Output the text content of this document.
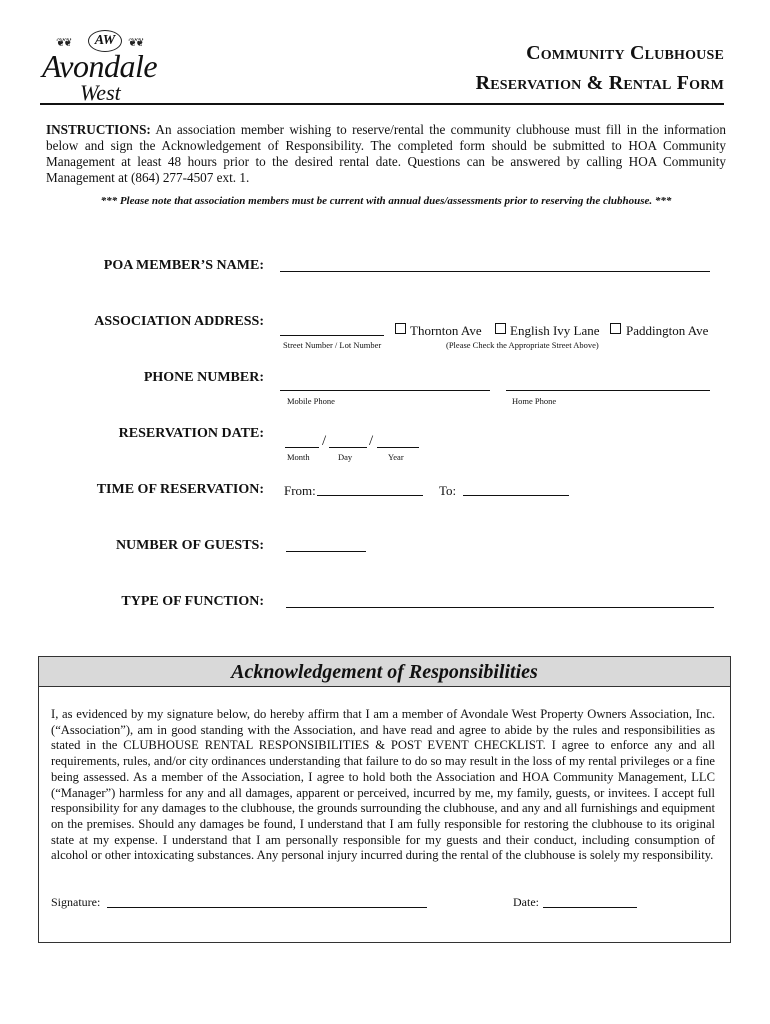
❦❦	AW	❦❦
Avondale
West
Community Clubhouse
Reservation & Rental Form

INSTRUCTIONS: An association member wishing to reserve/rental the community clubhouse must fill in the information below and sign the Acknowledgement of Responsibility. The completed form should be submitted to HOA Community Management at least 48 hours prior to the desired rental date. Questions can be answered by calling HOA Community Management at (864) 277-4507 ext. 1.

*** Please note that association members must be current with annual dues/assessments prior to reserving the clubhouse. ***

POA MEMBER’S NAME:
ASSOCIATION ADDRESS:
Street Number / Lot Number
Thornton Ave English Ivy Lane Paddington Ave
(Please Check the Appropriate Street Above)
PHONE NUMBER:
Mobile Phone	Home Phone
RESERVATION DATE:	/	/
Month	Day	Year
TIME OF RESERVATION: From:	To:
NUMBER OF GUESTS:
TYPE OF FUNCTION:
Acknowledgement of Responsibilities

I, as evidenced by my signature below, do hereby affirm that I am a member of Avondale West Property Owners Association, Inc. (“Association”), am in good standing with the Association, and have read and agree to abide by the rules and responsibilities as stated in the CLUBHOUSE RENTAL RESPONSIBILITIES & POST EVENT CHECKLIST. I agree to enforce any and all requirements, rules, and/or city ordinances understanding that failure to do so may result in the loss of my rental privileges or a fine being assessed. As a member of the Association, I agree to hold both the Association and HOA Community Management, LLC (“Manager”) harmless for any and all damages, apparent or perceived, incurred by me, my family, guests, or invitees. I accept full responsibility for any damages to the clubhouse, the grounds surrounding the clubhouse, and any and all furnishings and equipment on the premises. Should any damages be found, I understand that I am fully responsible for restoring the clubhouse to its original state at my expense. I understand that I am personally responsible for my guests and their conduct, including consumption of alcohol or other intoxicating substances. Any personal injury incurred during the rental of the clubhouse is solely my responsibility.

Signature:	Date:
